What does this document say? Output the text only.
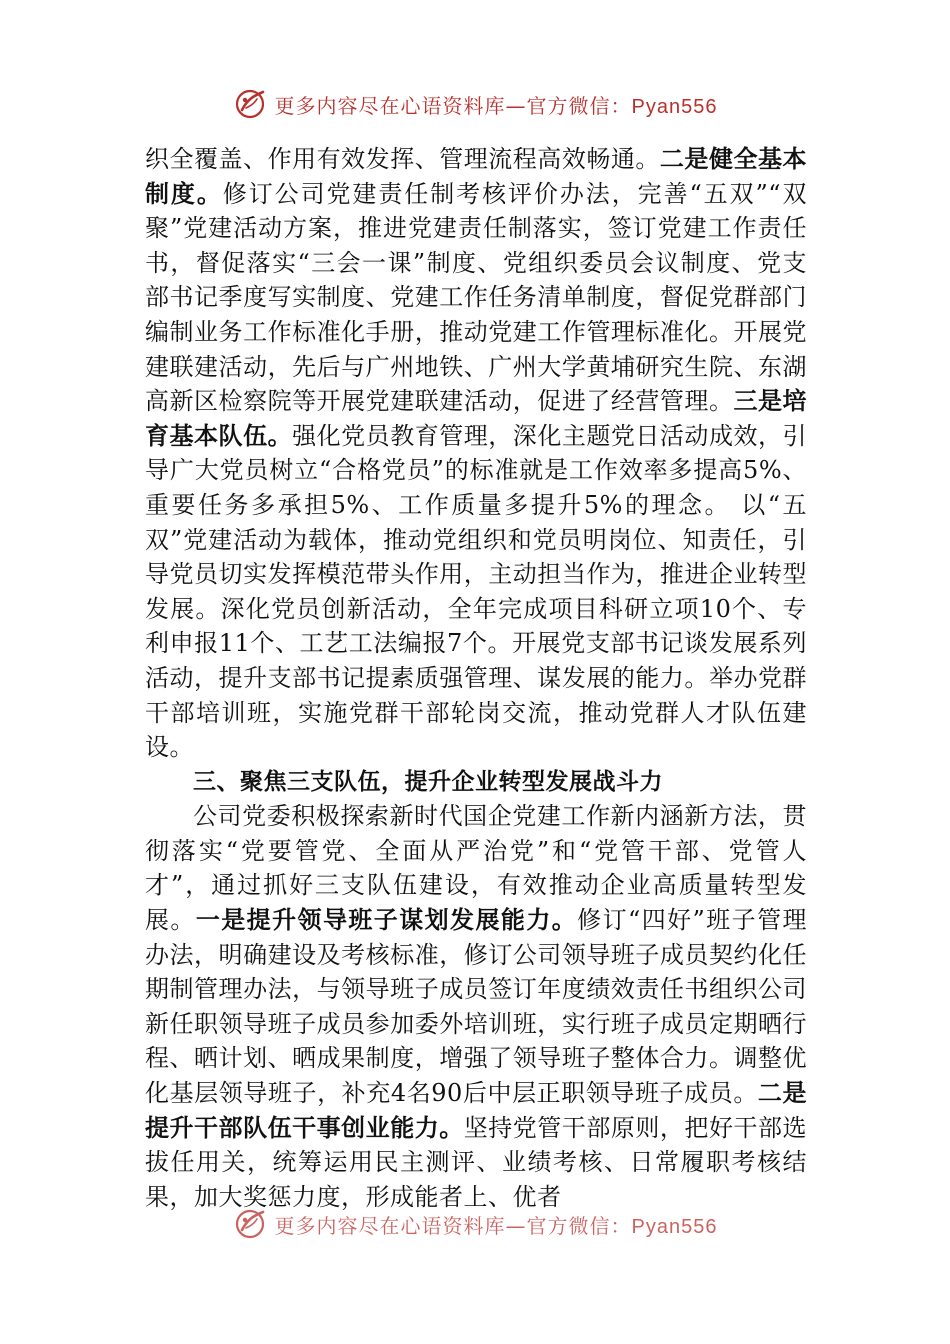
更多内容尽在心语资料库—官方微信：Pyan556

织全覆盖、作用有效发挥、管理流程高效畅通。二是健全基本制度。修订公司党建责任制考核评价办法，完善“五双”“双聚”党建活动方案，推进党建责任制落实，签订党建工作责任书，督促落实“三会一课”制度、党组织委员会议制度、党支部书记季度写实制度、党建工作任务清单制度，督促党群部门编制业务工作标准化手册，推动党建工作管理标准化。开展党建联建活动，先后与广州地铁、广州大学黄埔研究生院、东湖高新区检察院等开展党建联建活动，促进了经营管理。三是培育基本队伍。强化党员教育管理，深化主题党日活动成效，引导广大党员树立“合格党员”的标准就是工作效率多提高5%、重要任务多承担5%、工作质量多提升5%的理念。 以“五双”党建活动为载体，推动党组织和党员明岗位、知责任，引导党员切实发挥模范带头作用，主动担当作为，推进企业转型发展。深化党员创新活动，全年完成项目科研立项10个、专利申报11个、工艺工法编报7个。开展党支部书记谈发展系列活动，提升支部书记提素质强管理、谋发展的能力。举办党群干部培训班，实施党群干部轮岗交流，推动党群人才队伍建设。

三、聚焦三支队伍，提升企业转型发展战斗力

公司党委积极探索新时代国企党建工作新内涵新方法，贯彻落实“党要管党、全面从严治党”和“党管干部、党管人才”，通过抓好三支队伍建设，有效推动企业高质量转型发展。一是提升领导班子谋划发展能力。修订“四好”班子管理办法，明确建设及考核标准，修订公司领导班子成员契约化任期制管理办法，与领导班子成员签订年度绩效责任书组织公司新任职领导班子成员参加委外培训班，实行班子成员定期晒行程、晒计划、晒成果制度，增强了领导班子整体合力。调整优化基层领导班子，补充4名90后中层正职领导班子成员。二是提升干部队伍干事创业能力。坚持党管干部原则，把好干部选拔任用关，统筹运用民主测评、业绩考核、日常履职考核结果，加大奖惩力度，形成能者上、优者

更多内容尽在心语资料库—官方微信：Pyan556
